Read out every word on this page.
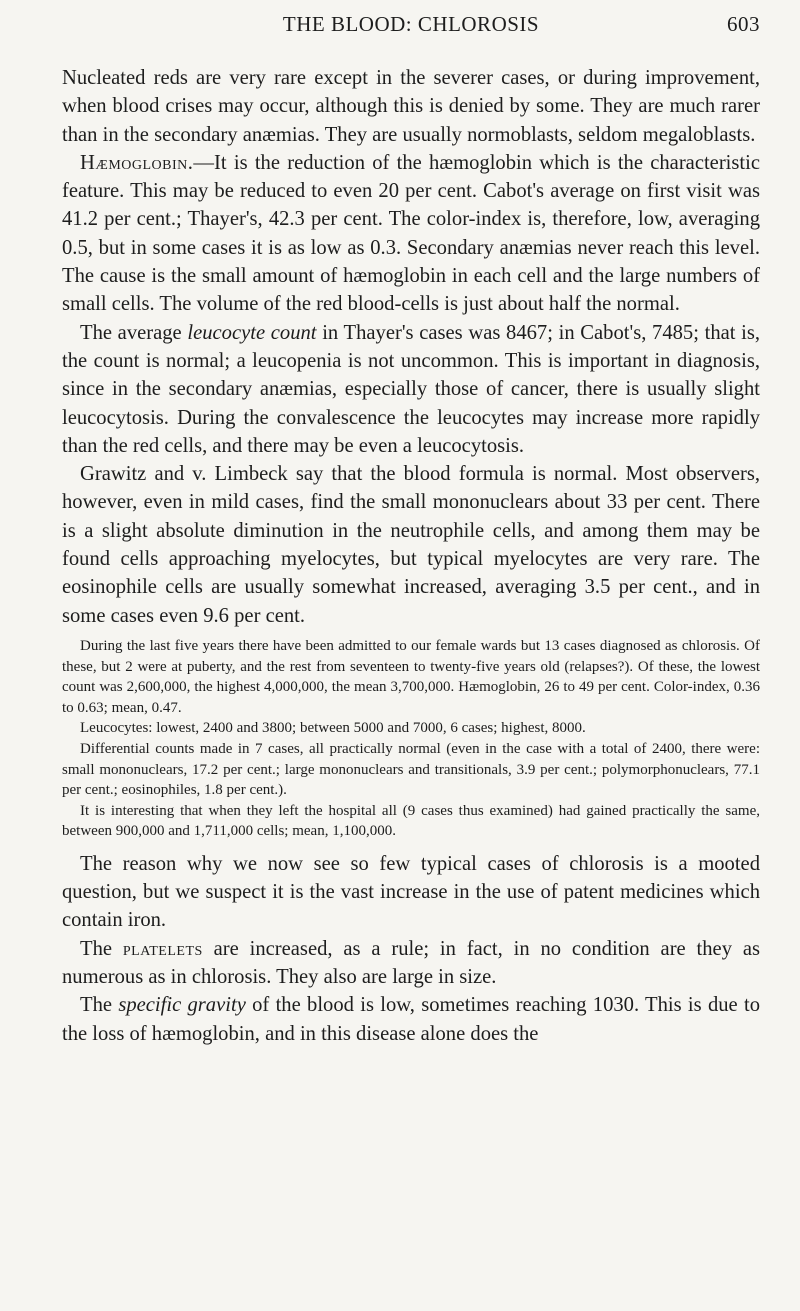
THE BLOOD: CHLOROSIS	603

Nucleated reds are very rare except in the severer cases, or during improvement, when blood crises may occur, although this is denied by some. They are much rarer than in the secondary anæmias. They are usually normoblasts, seldom megaloblasts.

Hæmoglobin.—It is the reduction of the hæmoglobin which is the characteristic feature. This may be reduced to even 20 per cent. Cabot's average on first visit was 41.2 per cent.; Thayer's, 42.3 per cent. The color-index is, therefore, low, averaging 0.5, but in some cases it is as low as 0.3. Secondary anæmias never reach this level. The cause is the small amount of hæmoglobin in each cell and the large numbers of small cells. The volume of the red blood-cells is just about half the normal.

The average leucocyte count in Thayer's cases was 8467; in Cabot's, 7485; that is, the count is normal; a leucopenia is not uncommon. This is important in diagnosis, since in the secondary anæmias, especially those of cancer, there is usually slight leucocytosis. During the convalescence the leucocytes may increase more rapidly than the red cells, and there may be even a leucocytosis.

Grawitz and v. Limbeck say that the blood formula is normal. Most observers, however, even in mild cases, find the small mononuclears about 33 per cent. There is a slight absolute diminution in the neutrophile cells, and among them may be found cells approaching myelocytes, but typical myelocytes are very rare. The eosinophile cells are usually somewhat increased, averaging 3.5 per cent., and in some cases even 9.6 per cent.

During the last five years there have been admitted to our female wards but 13 cases diagnosed as chlorosis. Of these, but 2 were at puberty, and the rest from seventeen to twenty-five years old (relapses?). Of these, the lowest count was 2,600,000, the highest 4,000,000, the mean 3,700,000. Hæmoglobin, 26 to 49 per cent. Color-index, 0.36 to 0.63; mean, 0.47.

Leucocytes: lowest, 2400 and 3800; between 5000 and 7000, 6 cases; highest, 8000.

Differential counts made in 7 cases, all practically normal (even in the case with a total of 2400, there were: small mononuclears, 17.2 per cent.; large mononuclears and transitionals, 3.9 per cent.; polymorphonuclears, 77.1 per cent.; eosinophiles, 1.8 per cent.).

It is interesting that when they left the hospital all (9 cases thus examined) had gained practically the same, between 900,000 and 1,711,000 cells; mean, 1,100,000.

The reason why we now see so few typical cases of chlorosis is a mooted question, but we suspect it is the vast increase in the use of patent medicines which contain iron.

The platelets are increased, as a rule; in fact, in no condition are they as numerous as in chlorosis. They also are large in size.

The specific gravity of the blood is low, sometimes reaching 1030. This is due to the loss of hæmoglobin, and in this disease alone does the
